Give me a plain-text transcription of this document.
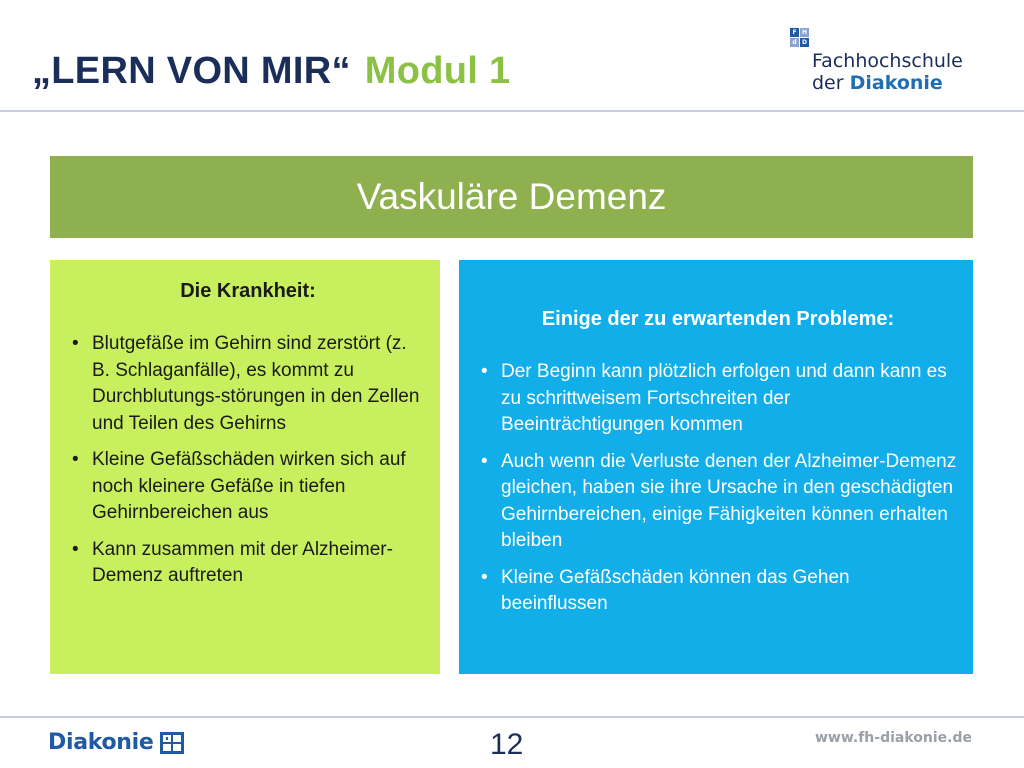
„LERN VON MIR“ Modul 1
F H
d D
Fachhochschule
der Diakonie
Vaskuläre Demenz

Die Krankheit:

• Blutgefäße im Gehirn sind zerstört (z. B. Schlaganfälle), es kommt zu Durchblutungs-störungen in den Zellen und Teilen des Gehirns
• Kleine Gefäßschäden wirken sich auf noch kleinere Gefäße in tiefen Gehirnbereichen aus
• Kann zusammen mit der Alzheimer-Demenz auftreten

Einige der zu erwartenden Probleme:

• Der Beginn kann plötzlich erfolgen und dann kann es zu schrittweisem Fortschreiten der Beeinträchtigungen kommen
• Auch wenn die Verluste denen der Alzheimer-Demenz gleichen, haben sie ihre Ursache in den geschädigten Gehirnbereichen, einige Fähigkeiten können erhalten bleiben
• Kleine Gefäßschäden können das Gehen beeinflussen
Diakonie	12	www.fh-diakonie.de
